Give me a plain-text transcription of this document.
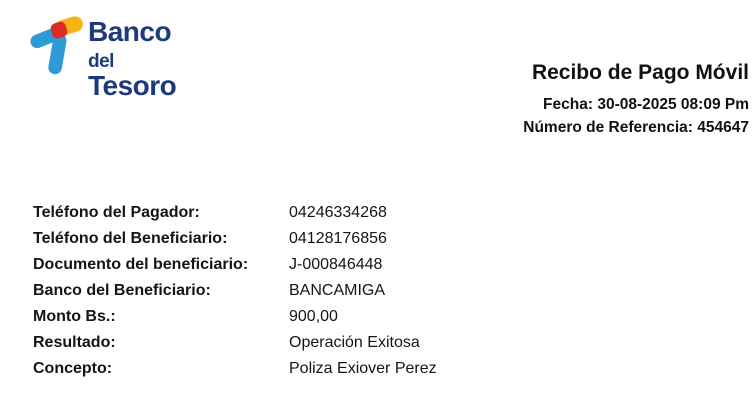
Banco
del Tesoro	Recibo de Pago Móvil
Fecha: 30-08-2025 08:09 Pm
Número de Referencia: 454647
Teléfono del Pagador:	04246334268
Teléfono del Beneficiario:	04128176856
Documento del beneficiario:	J-000846448
Banco del Beneficiario:	BANCAMIGA
Monto Bs.:	900,00
Resultado:	Operación Exitosa
Concepto:	Poliza Exiover Perez
